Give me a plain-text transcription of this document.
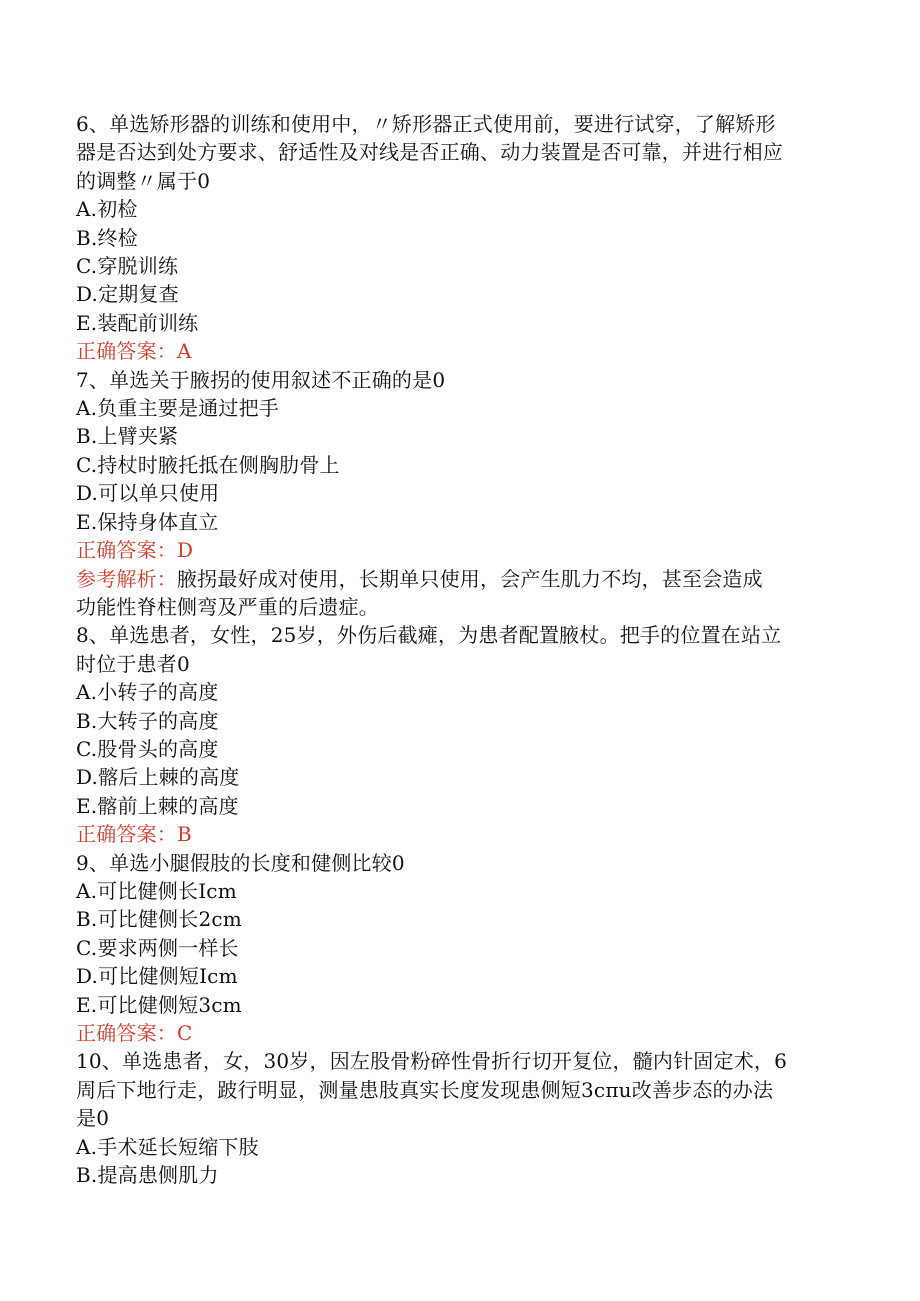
6、单选矫形器的训练和使用中，〃矫形器正式使用前，要进行试穿，了解矫形
器是否达到处方要求、舒适性及对线是否正确、动力装置是否可靠，并进行相应
的调整〃属于0
A.初检
B.终检
C.穿脱训练
D.定期复查
E.装配前训练
正确答案：A
7、单选关于腋拐的使用叙述不正确的是0
A.负重主要是通过把手
B.上臂夹紧
C.持杖时腋托抵在侧胸肋骨上
D.可以单只使用
E.保持身体直立
正确答案：D
参考解析：腋拐最好成对使用，长期单只使用，会产生肌力不均，甚至会造成
功能性脊柱侧弯及严重的后遗症。
8、单选患者，女性，25岁，外伤后截瘫，为患者配置腋杖。把手的位置在站立
时位于患者0
A.小转子的高度
B.大转子的高度
C.股骨头的高度
D.髂后上棘的高度
E.髂前上棘的高度
正确答案：B
9、单选小腿假肢的长度和健侧比较0
A.可比健侧长Icm
B.可比健侧长2cm
C.要求两侧一样长
D.可比健侧短Icm
E.可比健侧短3cm
正确答案：C
10、单选患者，女，30岁，因左股骨粉碎性骨折行切开复位，髓内针固定术，6
周后下地行走，跛行明显，测量患肢真实长度发现患侧短3cπu改善步态的办法
是0
A.手术延长短缩下肢
B.提高患侧肌力
